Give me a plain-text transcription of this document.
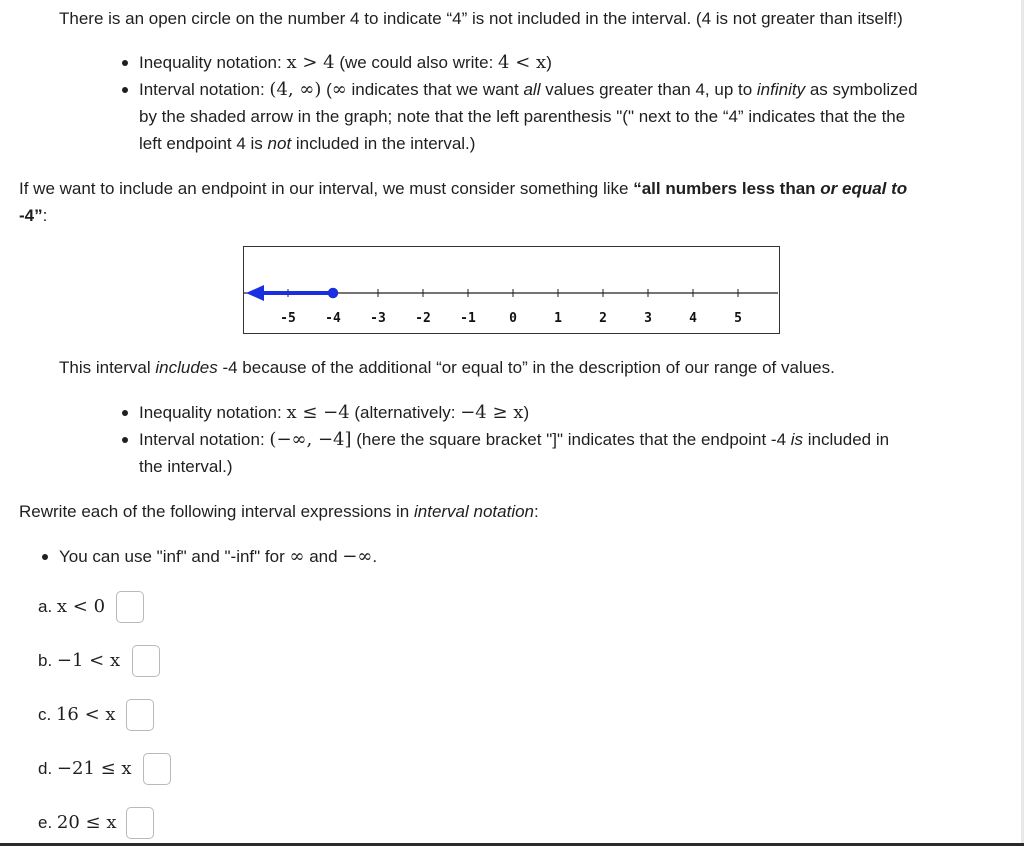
There is an open circle on the number 4 to indicate “4” is not included in the interval. (4 is not greater than itself!)
Inequality notation: x > 4 (we could also write: 4 < x)
Interval notation: (4, ∞) (∞ indicates that we want all values greater than 4, up to infinity as symbolized
by the shaded arrow in the graph; note that the left parenthesis "(" next to the “4” indicates that the the
left endpoint 4 is not included in the interval.)
If we want to include an endpoint in our interval, we must consider something like “all numbers less than or equal to
-4”:
-5 -4 -3 -2 -1	0	1	2	3	4	5
This interval includes -4 because of the additional “or equal to” in the description of our range of values.
Inequality notation: x ≤ −4 (alternatively: −4 ≥ x)
Interval notation: (−∞, −4] (here the square bracket "]" indicates that the endpoint -4 is included in
the interval.)
Rewrite each of the following interval expressions in interval notation:
You can use "inf" and "-inf" for ∞ and −∞.
a. x < 0
b. −1 < x
c. 16 < x
d. −21 ≤ x
e. 20 ≤ x
